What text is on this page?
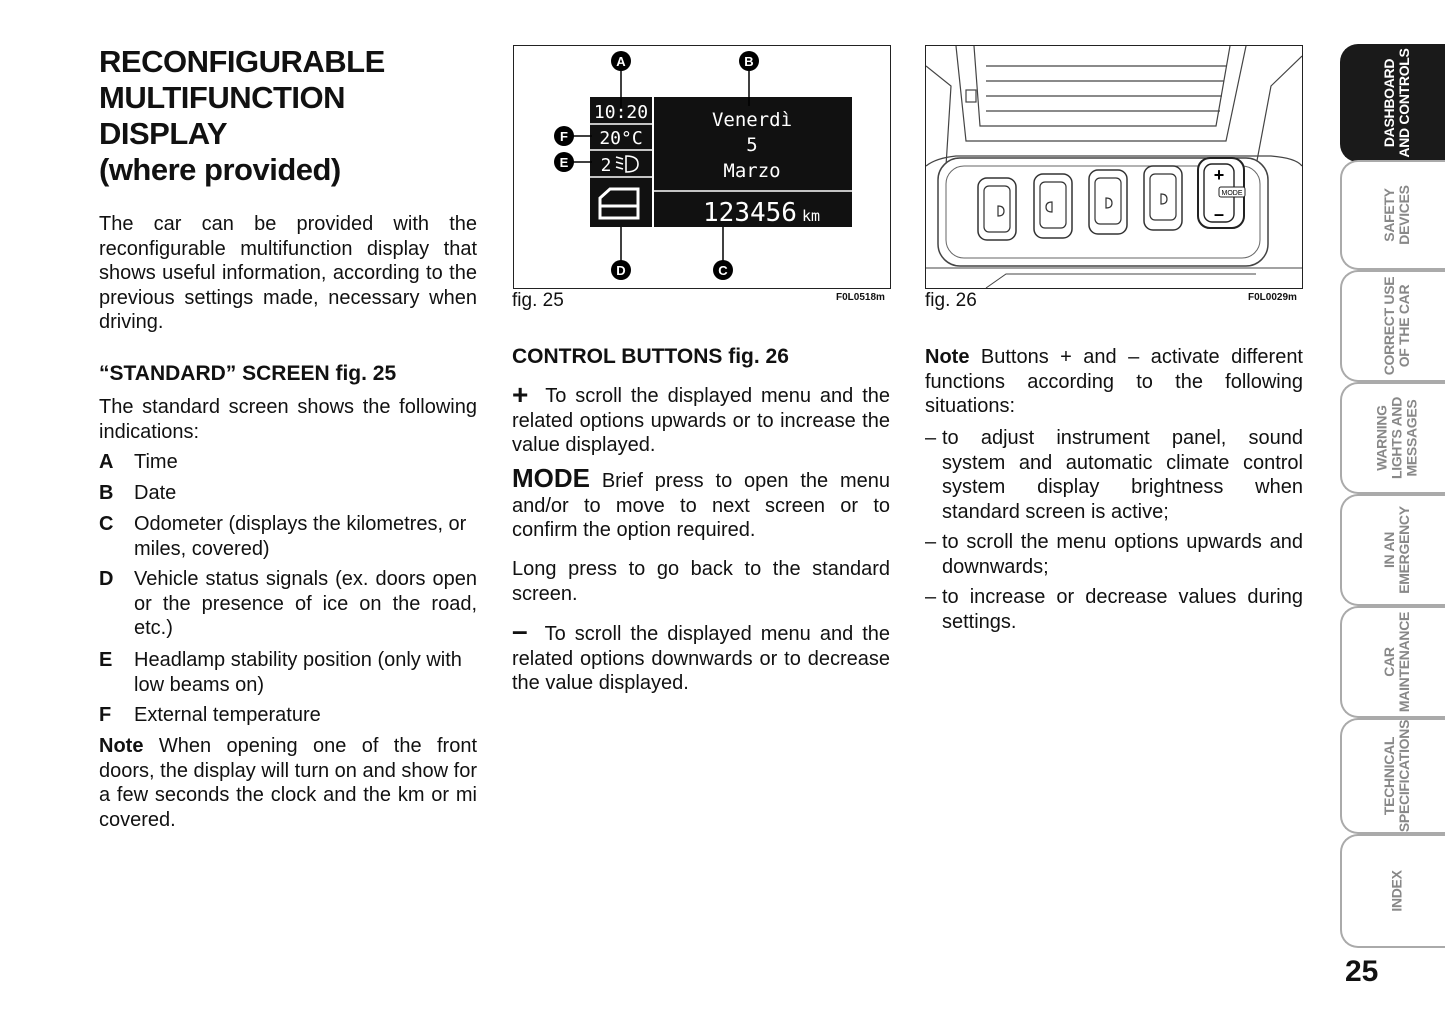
RECONFIGURABLE
MULTIFUNCTION
DISPLAY
(where provided)
The car can be provided with the reconfigurable multifunction display that shows useful information, according to the previous settings made, necessary when driving.
“STANDARD” SCREEN fig. 25
The standard screen shows the following indications:
A Time
B Date
C Odometer (displays the kilometres, or miles, covered)
D Vehicle status signals (ex. doors open or the presence of ice on the road, etc.)
E Headlamp stability position (only with low beams on)
F External temperature
Note When opening one of the front doors, the display will turn on and show for a few seconds the clock and the km or mi covered.
10:20
20°C
2
Venerdì
5
Marzo
123456 km
A	B
C
D
E
F
fig. 25	F0L0518m
CONTROL BUTTONS fig. 26
+ To scroll the displayed menu and the related options upwards or to increase the value displayed.
MODE Brief press to open the menu and/or to move to next screen or to confirm the option required.
Long press to go back to the standard screen.
– To scroll the displayed menu and the related options downwards or to decrease the value displayed.
+
–
MODE
fig. 26	F0L0029m
Note Buttons + and – activate different functions according to the following situations:
– to adjust instrument panel, sound system and automatic climate control system display brightness when standard screen is active;
– to scroll the menu options upwards and downwards;
– to increase or decrease values during settings.
DASHBOARD
AND CONTROLS
SAFETY
DEVICES
CORRECT USE
OF THE CAR
WARNING
LIGHTS AND
MESSAGES
IN AN
EMERGENCY
CAR
MAINTENANCE
TECHNICAL
SPECIFICATIONS
INDEX
25
